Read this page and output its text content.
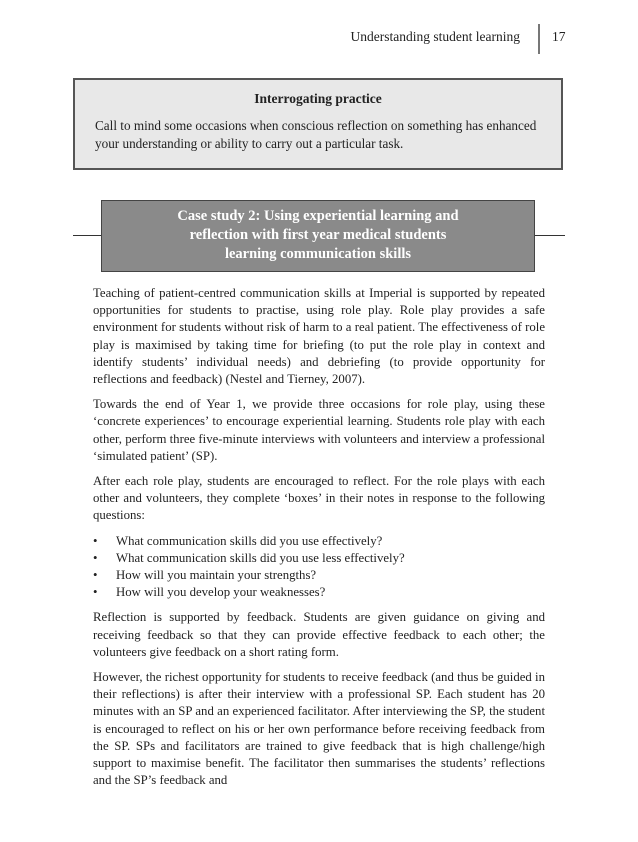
Understanding student learning 17
Interrogating practice
Call to mind some occasions when conscious reflection on something has enhanced your understanding or ability to carry out a particular task.
Case study 2: Using experiential learning and
reflection with first year medical students
learning communication skills

Teaching of patient-centred communication skills at Imperial is supported by repeated opportunities for students to practise, using role play. Role play provides a safe environment for students without risk of harm to a real patient. The effectiveness of role play is maximised by taking time for briefing (to put the role play in context and identify students’ individual needs) and debriefing (to provide opportunity for reflections and feedback) (Nestel and Tierney, 2007).

Towards the end of Year 1, we provide three occasions for role play, using these ‘concrete experiences’ to encourage experiential learning. Students role play with each other, perform three five-minute interviews with volunteers and interview a professional ‘simulated patient’ (SP).

After each role play, students are encouraged to reflect. For the role plays with each other and volunteers, they complete ‘boxes’ in their notes in response to the following questions:

• What communication skills did you use effectively?
• What communication skills did you use less effectively?
• How will you maintain your strengths?
• How will you develop your weaknesses?

Reflection is supported by feedback. Students are given guidance on giving and receiving feedback so that they can provide effective feedback to each other; the volunteers give feedback on a short rating form.

However, the richest opportunity for students to receive feedback (and thus be guided in their reflections) is after their interview with a professional SP. Each student has 20 minutes with an SP and an experienced facilitator. After interviewing the SP, the student is encouraged to reflect on his or her own performance before receiving feedback from the SP. SPs and facilitators are trained to give feedback that is high challenge/high support to maximise benefit. The facilitator then summarises the students’ reflections and the SP’s feedback and
